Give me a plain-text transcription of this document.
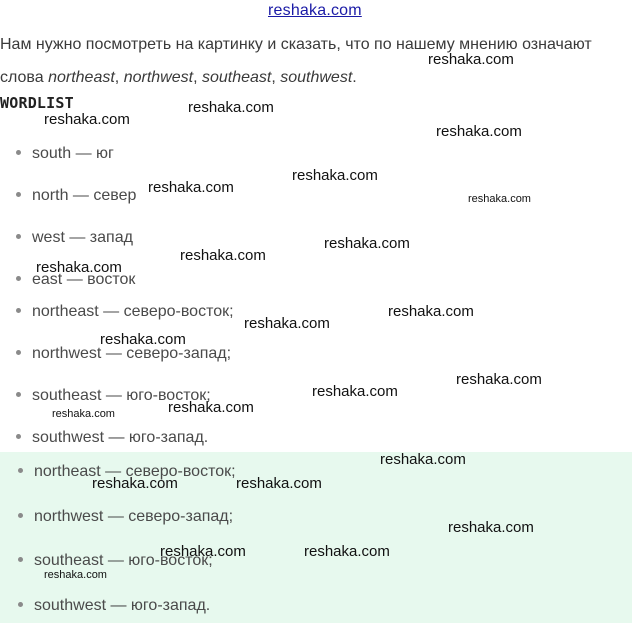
reshaka.com
Нам нужно посмотреть на картинку и сказать, что по нашему мнению означают слова northeast, northwest, southeast, southwest.
WORDLIST
south — юг
north — север
west — запад
east — восток
northeast — северо-восток;
northwest — северо-запад;
southeast — юго-восток;
southwest — юго-запад.
northeast — северо-восток;
northwest — северо-запад;
southeast — юго-восток;
southwest — юго-запад.
reshaka.com
reshaka.com
reshaka.com
reshaka.com
reshaka.com
reshaka.com
reshaka.com
reshaka.com
reshaka.com
reshaka.com
reshaka.com
reshaka.com
reshaka.com
reshaka.com
reshaka.com
reshaka.com
reshaka.com
reshaka.com
reshaka.com	reshaka.com
reshaka.com
reshaka.com	reshaka.com
reshaka.com
